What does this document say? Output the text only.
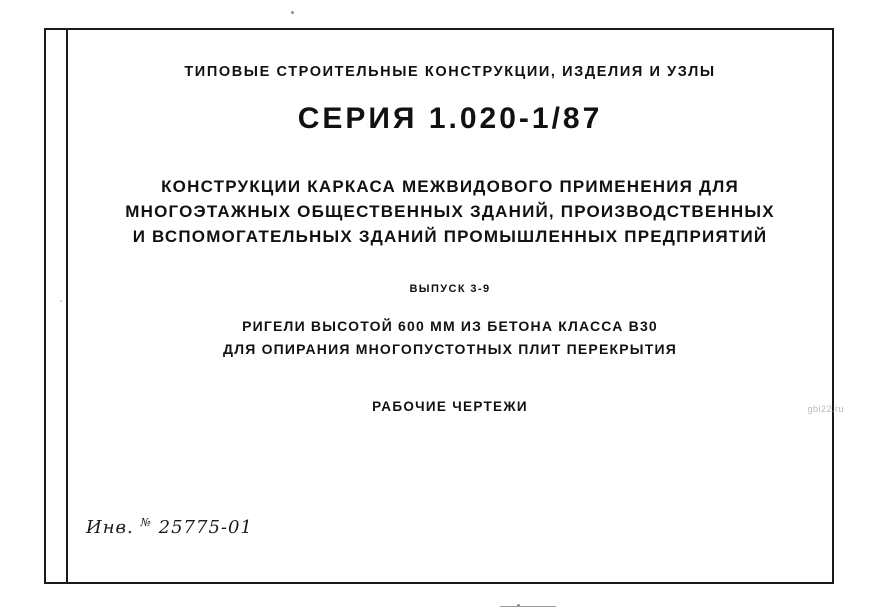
ТИПОВЫЕ СТРОИТЕЛЬНЫЕ КОНСТРУКЦИИ, ИЗДЕЛИЯ И УЗЛЫ
СЕРИЯ 1.020-1/87
КОНСТРУКЦИИ КАРКАСА МЕЖВИДОВОГО ПРИМЕНЕНИЯ ДЛЯ
МНОГОЭТАЖНЫХ ОБЩЕСТВЕННЫХ ЗДАНИЙ, ПРОИЗВОДСТВЕННЫХ
И ВСПОМОГАТЕЛЬНЫХ ЗДАНИЙ ПРОМЫШЛЕННЫХ ПРЕДПРИЯТИЙ
ВЫПУСК 3-9
РИГЕЛИ ВЫСОТОЙ 600 ММ ИЗ БЕТОНА КЛАССА В30
ДЛЯ ОПИРАНИЯ МНОГОПУСТОТНЫХ ПЛИТ ПЕРЕКРЫТИЯ
РАБОЧИЕ ЧЕРТЕЖИ
Инв. № 25775-01
gbi22.ru
